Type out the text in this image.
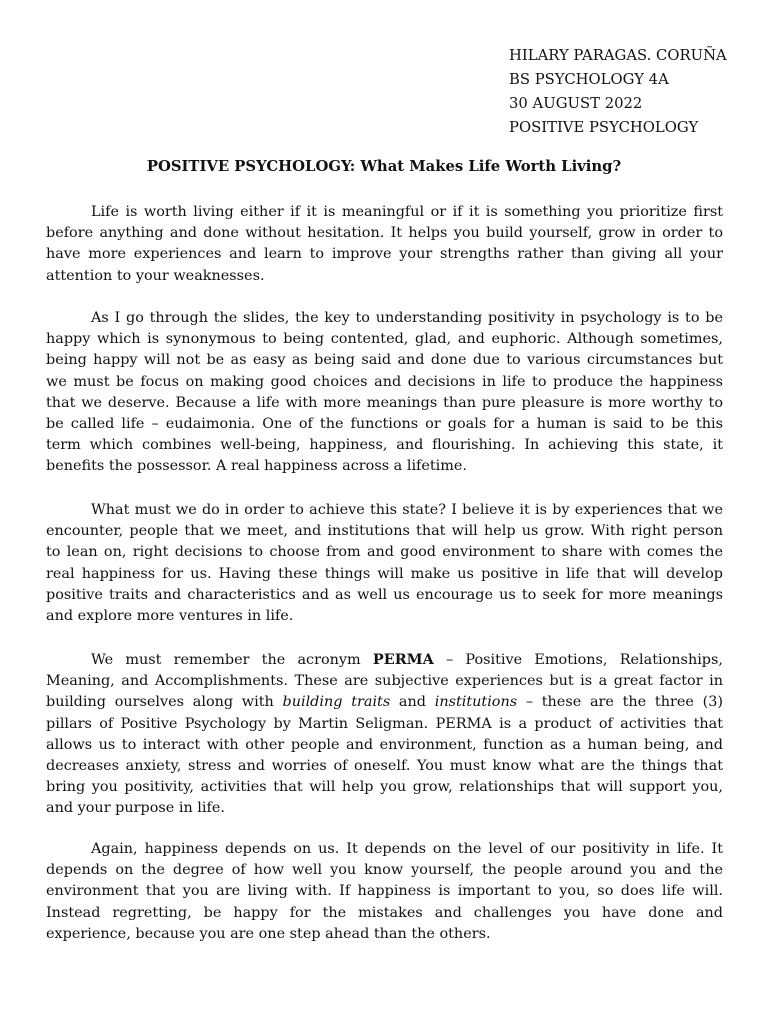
HILARY PARAGAS. CORUÑA
BS PSYCHOLOGY 4A
30 AUGUST 2022
POSITIVE PSYCHOLOGY
POSITIVE PSYCHOLOGY: What Makes Life Worth Living?
Life is worth living either if it is meaningful or if it is something you prioritize first
before anything and done without hesitation. It helps you build yourself, grow in order to
have more experiences and learn to improve your strengths rather than giving all your
attention to your weaknesses.
As I go through the slides, the key to understanding positivity in psychology is to be
happy which is synonymous to being contented, glad, and euphoric. Although sometimes,
being happy will not be as easy as being said and done due to various circumstances but
we must be focus on making good choices and decisions in life to produce the happiness
that we deserve. Because a life with more meanings than pure pleasure is more worthy to
be called life – eudaimonia. One of the functions or goals for a human is said to be this
term which combines well-being, happiness, and flourishing. In achieving this state, it
benefits the possessor. A real happiness across a lifetime.
What must we do in order to achieve this state? I believe it is by experiences that we
encounter, people that we meet, and institutions that will help us grow. With right person
to lean on, right decisions to choose from and good environment to share with comes the
real happiness for us. Having these things will make us positive in life that will develop
positive traits and characteristics and as well us encourage us to seek for more meanings
and explore more ventures in life.
We must remember the acronym PERMA – Positive Emotions, Relationships,
Meaning, and Accomplishments. These are subjective experiences but is a great factor in
building ourselves along with building traits and institutions – these are the three (3)
pillars of Positive Psychology by Martin Seligman. PERMA is a product of activities that
allows us to interact with other people and environment, function as a human being, and
decreases anxiety, stress and worries of oneself. You must know what are the things that
bring you positivity, activities that will help you grow, relationships that will support you,
and your purpose in life.
Again, happiness depends on us. It depends on the level of our positivity in life. It
depends on the degree of how well you know yourself, the people around you and the
environment that you are living with. If happiness is important to you, so does life will.
Instead regretting, be happy for the mistakes and challenges you have done and
experience, because you are one step ahead than the others.
